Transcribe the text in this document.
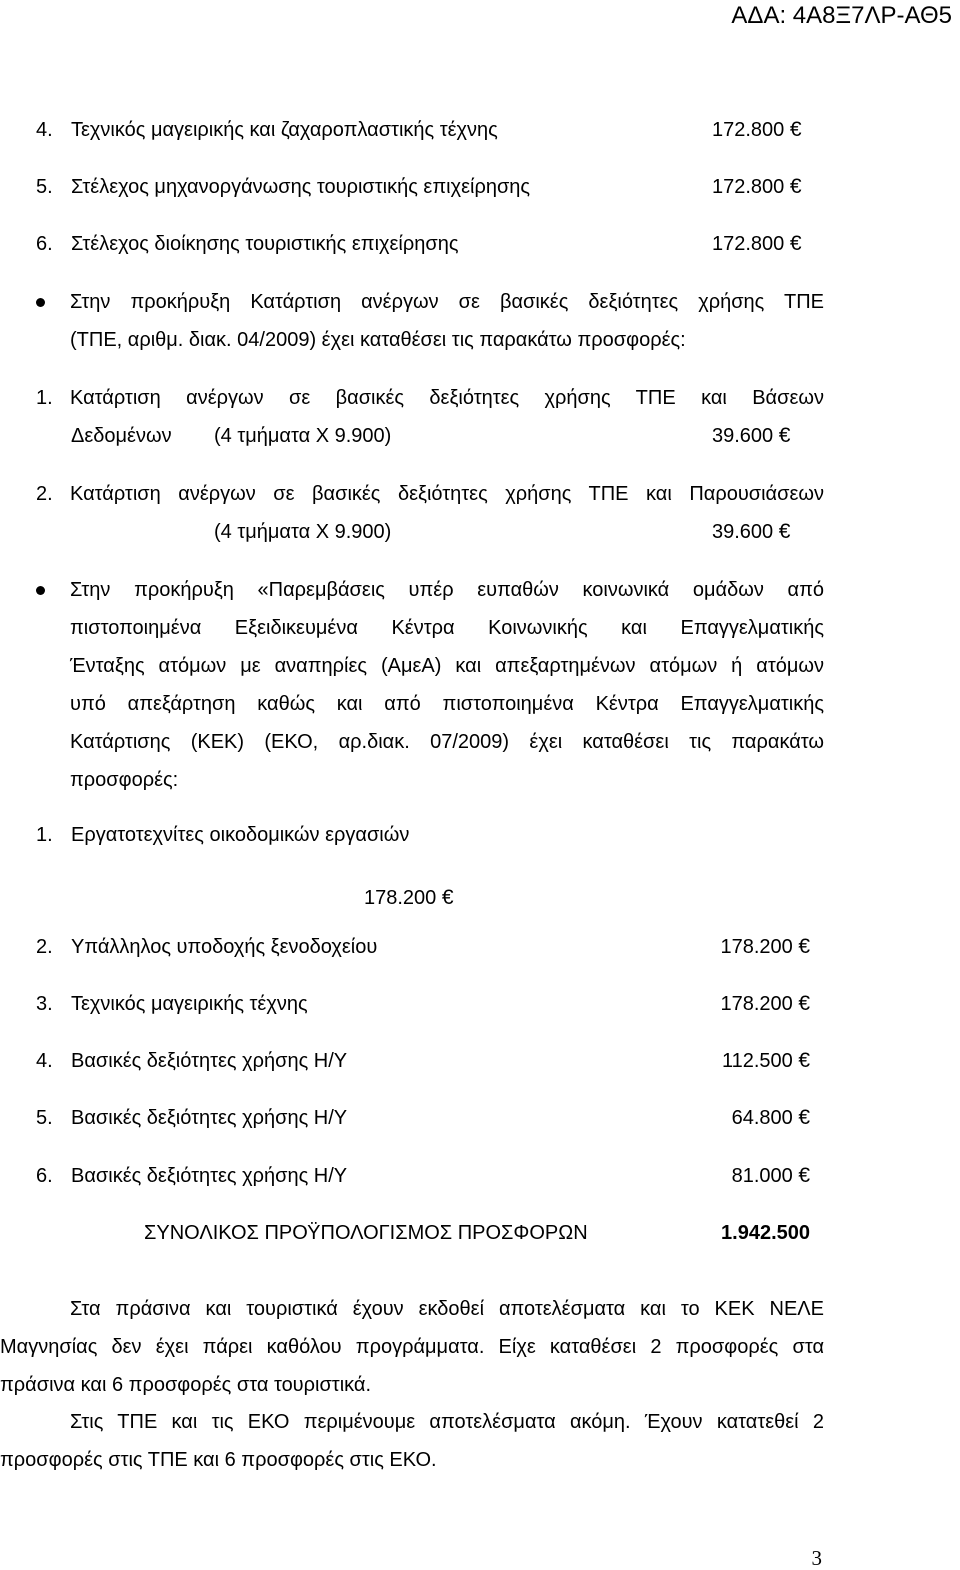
ΑΔΑ: 4Α8Ξ7ΛΡ-ΑΘ5
4. Τεχνικός μαγειρικής και ζαχαροπλαστικής τέχνης	172.800 €
5. Στέλεχος μηχανοργάνωσης τουριστικής επιχείρησης	172.800 €
6. Στέλεχος διοίκησης τουριστικής επιχείρησης	172.800 €
Στην προκήρυξη Κατάρτιση ανέργων σε βασικές δεξιότητες χρήσης ΤΠΕ
(ΤΠΕ, αριθμ. διακ. 04/2009) έχει καταθέσει τις παρακάτω προσφορές:
1. Κατάρτιση ανέργων σε βασικές δεξιότητες χρήσης ΤΠΕ και Βάσεων
Δεδομένων (4 τμήματα Χ 9.900)	39.600 €
2. Κατάρτιση ανέργων σε βασικές δεξιότητες χρήσης ΤΠΕ και Παρουσιάσεων
(4 τμήματα Χ 9.900)	39.600 €
Στην προκήρυξη «Παρεμβάσεις υπέρ ευπαθών κοινωνικά ομάδων από
πιστοποιημένα Εξειδικευμένα Κέντρα Κοινωνικής και Επαγγελματικής
Ένταξης ατόμων με αναπηρίες (ΑμεΑ) και απεξαρτημένων ατόμων ή ατόμων
υπό απεξάρτηση καθώς και από πιστοποιημένα Κέντρα Επαγγελματικής
Κατάρτισης (ΚΕΚ) (ΕΚΟ, αρ.διακ. 07/2009) έχει καταθέσει τις παρακάτω
προσφορές:
1. Εργατοτεχνίτες οικοδομικών εργασιών
178.200 €
2. Υπάλληλος υποδοχής ξενοδοχείου	178.200 €
3. Τεχνικός μαγειρικής τέχνης	178.200 €
4. Βασικές δεξιότητες χρήσης Η/Υ	112.500 €
5. Βασικές δεξιότητες χρήσης Η/Υ	64.800 €
6. Βασικές δεξιότητες χρήσης Η/Υ	81.000 €
ΣΥΝΟΛΙΚΟΣ ΠΡΟΫΠΟΛΟΓΙΣΜΟΣ ΠΡΟΣΦΟΡΩΝ	1.942.500
Στα πράσινα και τουριστικά έχουν εκδοθεί αποτελέσματα και το ΚΕΚ ΝΕΛΕ
Μαγνησίας δεν έχει πάρει καθόλου προγράμματα. Είχε καταθέσει 2 προσφορές στα
πράσινα και 6 προσφορές στα τουριστικά.
Στις ΤΠΕ και τις ΕΚΟ περιμένουμε αποτελέσματα ακόμη. Έχουν κατατεθεί 2
προσφορές στις ΤΠΕ και 6 προσφορές στις ΕΚΟ.
3
